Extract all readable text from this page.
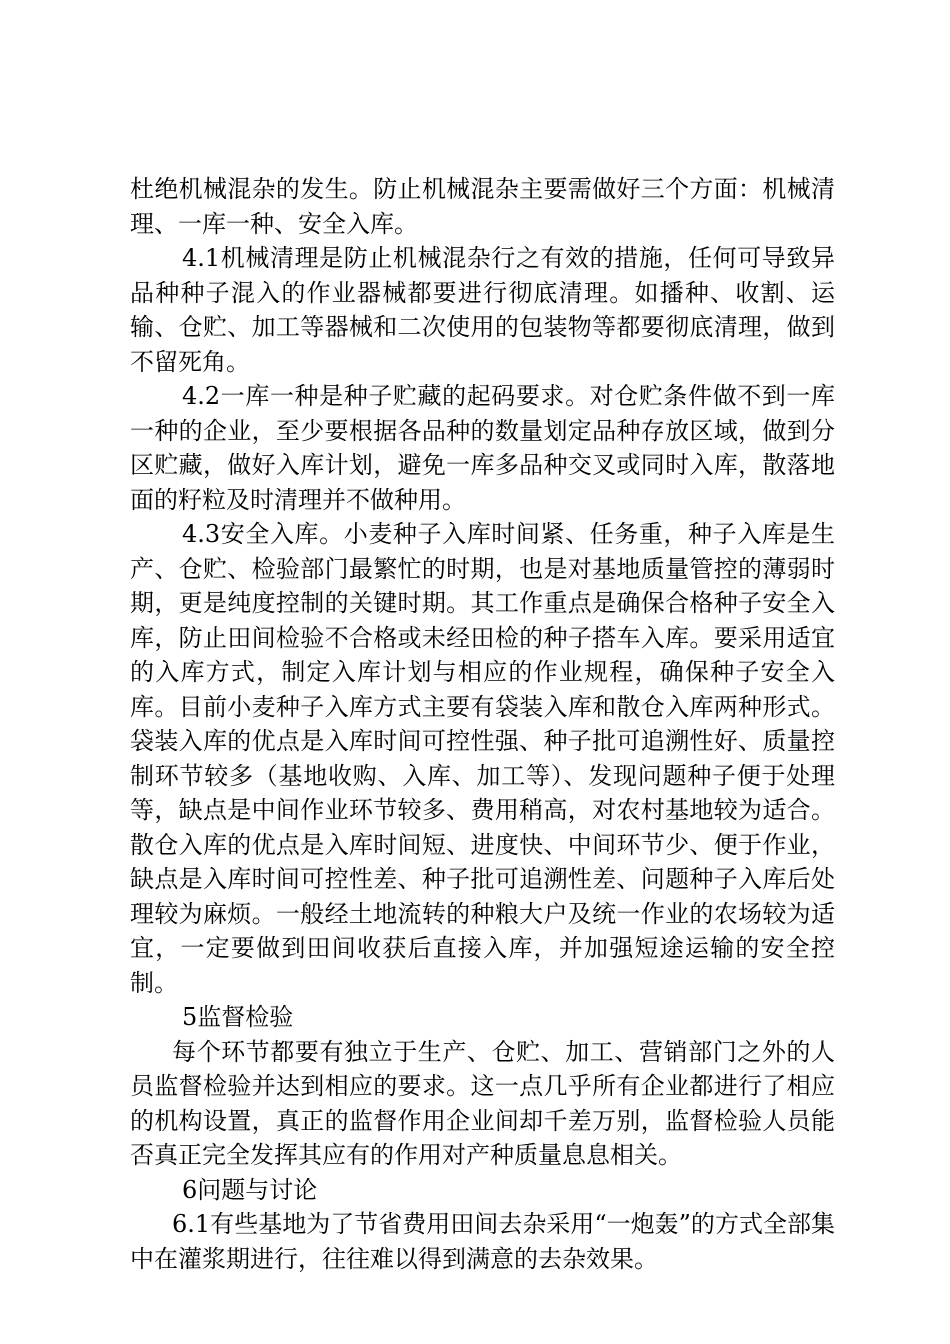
杜绝机械混杂的发生。防止机械混杂主要需做好三个方面：机械清理、一库一种、安全入库。

4.1机械清理是防止机械混杂行之有效的措施，任何可导致异品种种子混入的作业器械都要进行彻底清理。如播种、收割、运输、仓贮、加工等器械和二次使用的包装物等都要彻底清理，做到不留死角。

4.2一库一种是种子贮藏的起码要求。对仓贮条件做不到一库一种的企业，至少要根据各品种的数量划定品种存放区域，做到分区贮藏，做好入库计划，避免一库多品种交叉或同时入库，散落地面的籽粒及时清理并不做种用。

4.3安全入库。小麦种子入库时间紧、任务重，种子入库是生产、仓贮、检验部门最繁忙的时期，也是对基地质量管控的薄弱时期，更是纯度控制的关键时期。其工作重点是确保合格种子安全入库，防止田间检验不合格或未经田检的种子搭车入库。要采用适宜的入库方式，制定入库计划与相应的作业规程，确保种子安全入库。目前小麦种子入库方式主要有袋装入库和散仓入库两种形式。袋装入库的优点是入库时间可控性强、种子批可追溯性好、质量控制环节较多（基地收购、入库、加工等）、发现问题种子便于处理等，缺点是中间作业环节较多、费用稍高，对农村基地较为适合。散仓入库的优点是入库时间短、进度快、中间环节少、便于作业，缺点是入库时间可控性差、种子批可追溯性差、问题种子入库后处理较为麻烦。一般经土地流转的种粮大户及统一作业的农场较为适宜，一定要做到田间收获后直接入库，并加强短途运输的安全控制。

5监督检验

每个环节都要有独立于生产、仓贮、加工、营销部门之外的人员监督检验并达到相应的要求。这一点几乎所有企业都进行了相应的机构设置，真正的监督作用企业间却千差万别，监督检验人员能否真正完全发挥其应有的作用对产种质量息息相关。

6问题与讨论

6.1有些基地为了节省费用田间去杂采用“一炮轰”的方式全部集中在灌浆期进行，往往难以得到满意的去杂效果。
